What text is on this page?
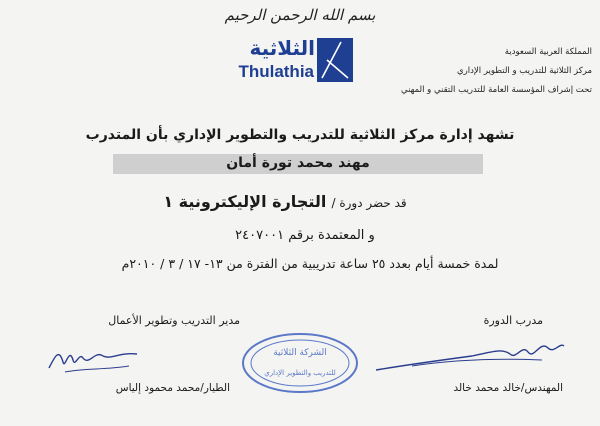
بسم الله الرحمن الرحيم
الثلاثية
Thulathia
المملكة العربية السعودية
مركز الثلاثية للتدريب و التطوير الإداري
تحت إشراف المؤسسة العامة للتدريب التقني و المهني
تشهد إدارة مركز الثلاثية للتدريب والتطوير الإداري بأن المتدرب
مهند محمد تورة أمان
قد حضر دورة / التجارة الإليكترونية ١
و المعتمدة برقم ٢٤٠٧٠٠١
لمدة خمسة أيام بعدد ٢٥ ساعة تدريبية من الفترة من ١٣- ١٧ / ٣ / ٢٠١٠م
مدير التدريب وتطوير الأعمال	مدرب الدورة
الشركة الثلاثية
للتدريب والتطوير الإداري
الطيار/محمد محمود إلياس	المهندس/خالد محمد خالد
